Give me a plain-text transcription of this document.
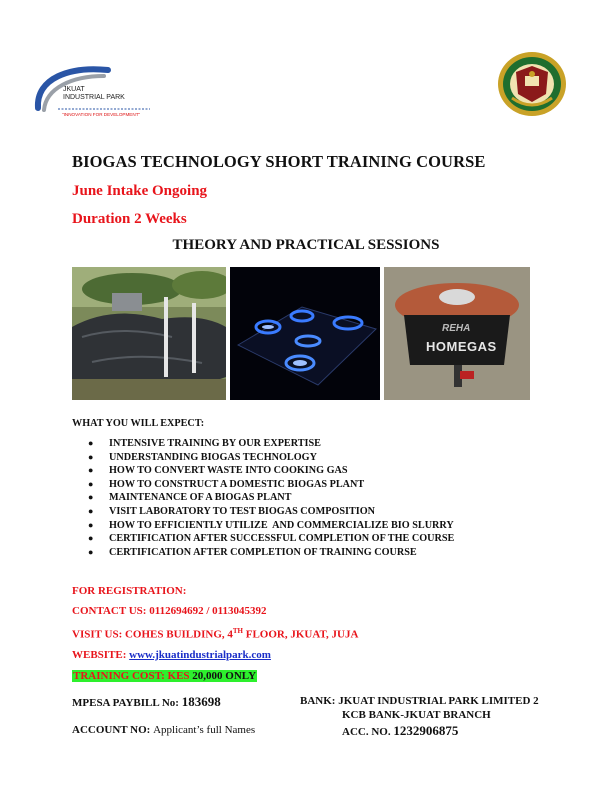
JKUAT
INDUSTRIAL PARK
"INNOVATION FOR DEVELOPMENT"
BIOGAS TECHNOLOGY SHORT TRAINING COURSE
June Intake Ongoing
Duration 2 Weeks
THEORY AND PRACTICAL SESSIONS
REHA
HOMEGAS
WHAT YOU WILL EXPECT:
● INTENSIVE TRAINING BY OUR EXPERTISE
● UNDERSTANDING BIOGAS TECHNOLOGY
● HOW TO CONVERT WASTE INTO COOKING GAS
● HOW TO CONSTRUCT A DOMESTIC BIOGAS PLANT
● MAINTENANCE OF A BIOGAS PLANT
● VISIT LABORATORY TO TEST BIOGAS COMPOSITION
● HOW TO EFFICIENTLY UTILIZE  AND COMMERCIALIZE BIO SLURRY
● CERTIFICATION AFTER SUCCESSFUL COMPLETION OF THE COURSE
● CERTIFICATION AFTER COMPLETION OF TRAINING COURSE
FOR REGISTRATION:
CONTACT US: 0112694692 / 0113045392
VISIT US: COHES BUILDING, 4TH FLOOR, JKUAT, JUJA
WEBSITE: www.jkuatindustrialpark.com
TRAINING COST: KES 20,000 ONLY
MPESA PAYBILL No: 183698	BANK: JKUAT INDUSTRIAL PARK LIMITED 2
KCB BANK-JKUAT BRANCH
ACCOUNT NO: Applicant’s full Names	ACC. NO. 1232906875
